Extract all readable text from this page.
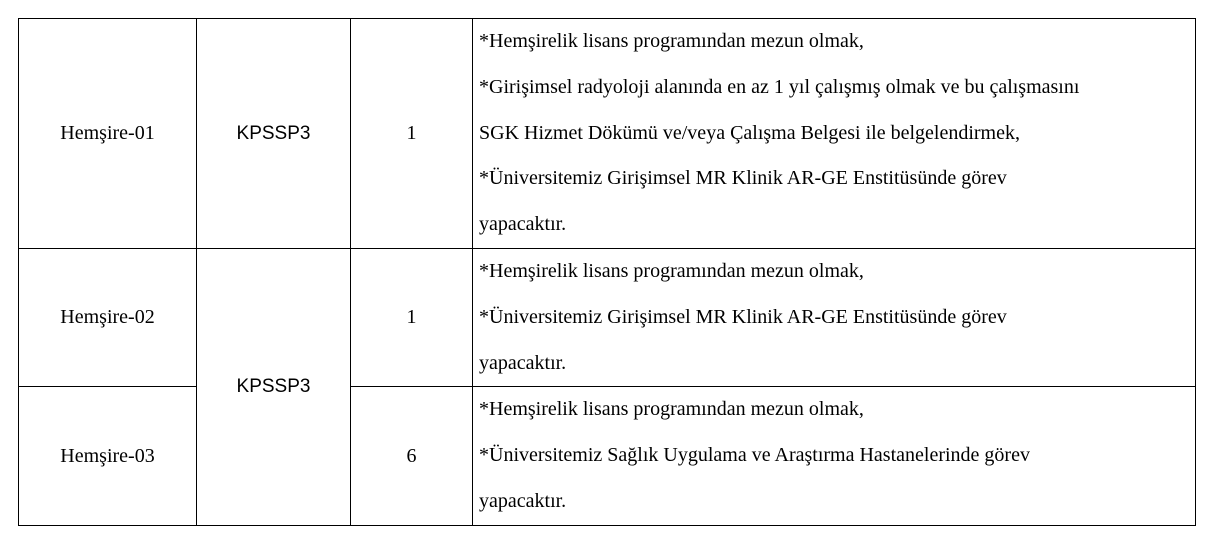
Hemşire-01	KPSSP3	1	*Hemşirelik lisans programından mezun olmak,
*Girişimsel radyoloji alanında en az 1 yıl çalışmış olmak ve bu çalışmasını
SGK Hizmet Dökümü ve/veya Çalışma Belgesi ile belgelendirmek,
*Üniversitemiz Girişimsel MR Klinik AR-GE Enstitüsünde görev
yapacaktır.

Hemşire-02	KPSSP3	1	*Hemşirelik lisans programından mezun olmak,
*Üniversitemiz Girişimsel MR Klinik AR-GE Enstitüsünde görev
yapacaktır.

Hemşire-03		6	*Hemşirelik lisans programından mezun olmak,
*Üniversitemiz Sağlık Uygulama ve Araştırma Hastanelerinde görev
yapacaktır.
